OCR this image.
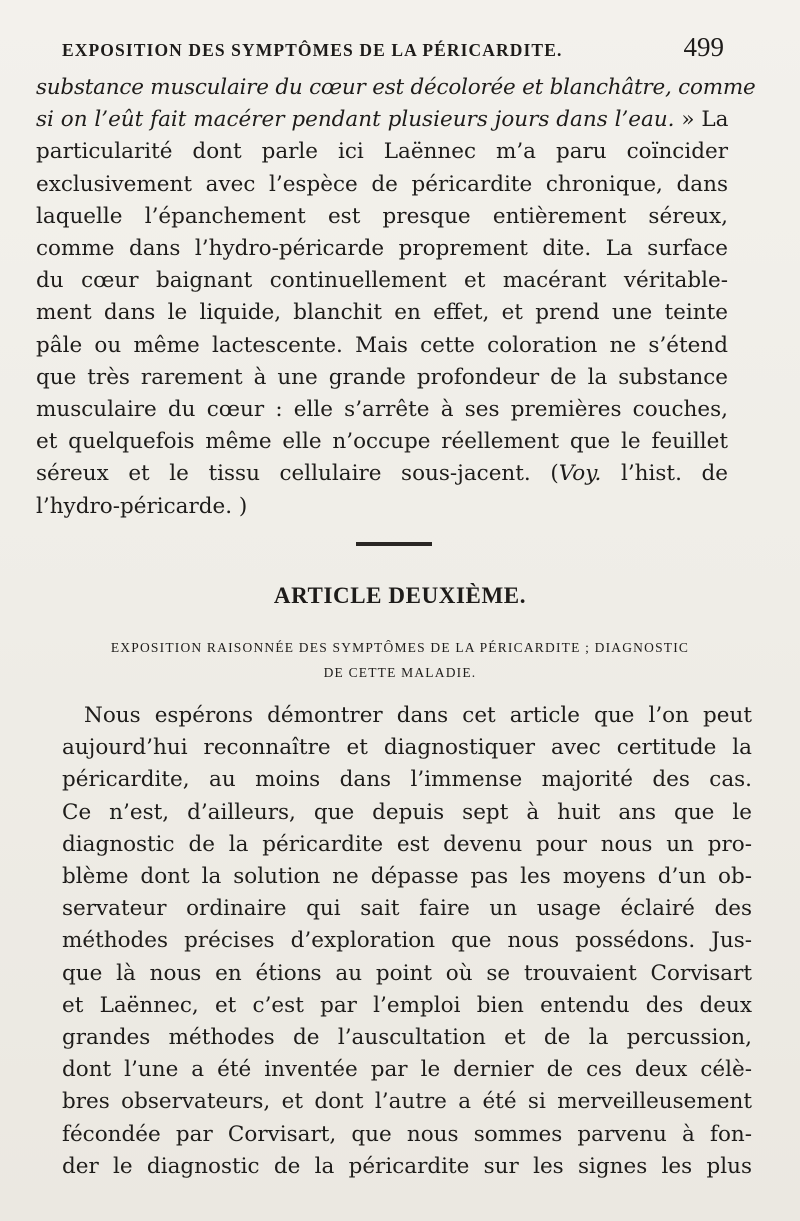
EXPOSITION DES SYMPTÔMES DE LA PÉRICARDITE.	499
substance musculaire du cœur est décolorée et blanchâtre, comme
si on l’eût fait macérer pendant plusieurs jours dans l’eau. » La
particularité dont parle ici Laënnec m’a paru coïncider
exclusivement avec l’espèce de péricardite chronique, dans
laquelle l’épanchement est presque entièrement séreux,
comme dans l’hydro-péricarde proprement dite. La surface
du cœur baignant continuellement et macérant véritable-
ment dans le liquide, blanchit en effet, et prend une teinte
pâle ou même lactescente. Mais cette coloration ne s’étend
que très rarement à une grande profondeur de la substance
musculaire du cœur : elle s’arrête à ses premières couches,
et quelquefois même elle n’occupe réellement que le feuillet
séreux et le tissu cellulaire sous-jacent. (Voy. l’hist. de
l’hydro-péricarde. )
ARTICLE DEUXIÈME.
EXPOSITION RAISONNÉE DES SYMPTÔMES DE LA PÉRICARDITE ; DIAGNOSTIC
DE CETTE MALADIE.
Nous espérons démontrer dans cet article que l’on peut
aujourd’hui reconnaître et diagnostiquer avec certitude la
péricardite, au moins dans l’immense majorité des cas.
Ce n’est, d’ailleurs, que depuis sept à huit ans que le
diagnostic de la péricardite est devenu pour nous un pro-
blème dont la solution ne dépasse pas les moyens d’un ob-
servateur ordinaire qui sait faire un usage éclairé des
méthodes précises d’exploration que nous possédons. Jus-
que là nous en étions au point où se trouvaient Corvisart
et Laënnec, et c’est par l’emploi bien entendu des deux
grandes méthodes de l’auscultation et de la percussion,
dont l’une a été inventée par le dernier de ces deux célè-
bres observateurs, et dont l’autre a été si merveilleusement
fécondée par Corvisart, que nous sommes parvenu à fon-
der le diagnostic de la péricardite sur les signes les plus
